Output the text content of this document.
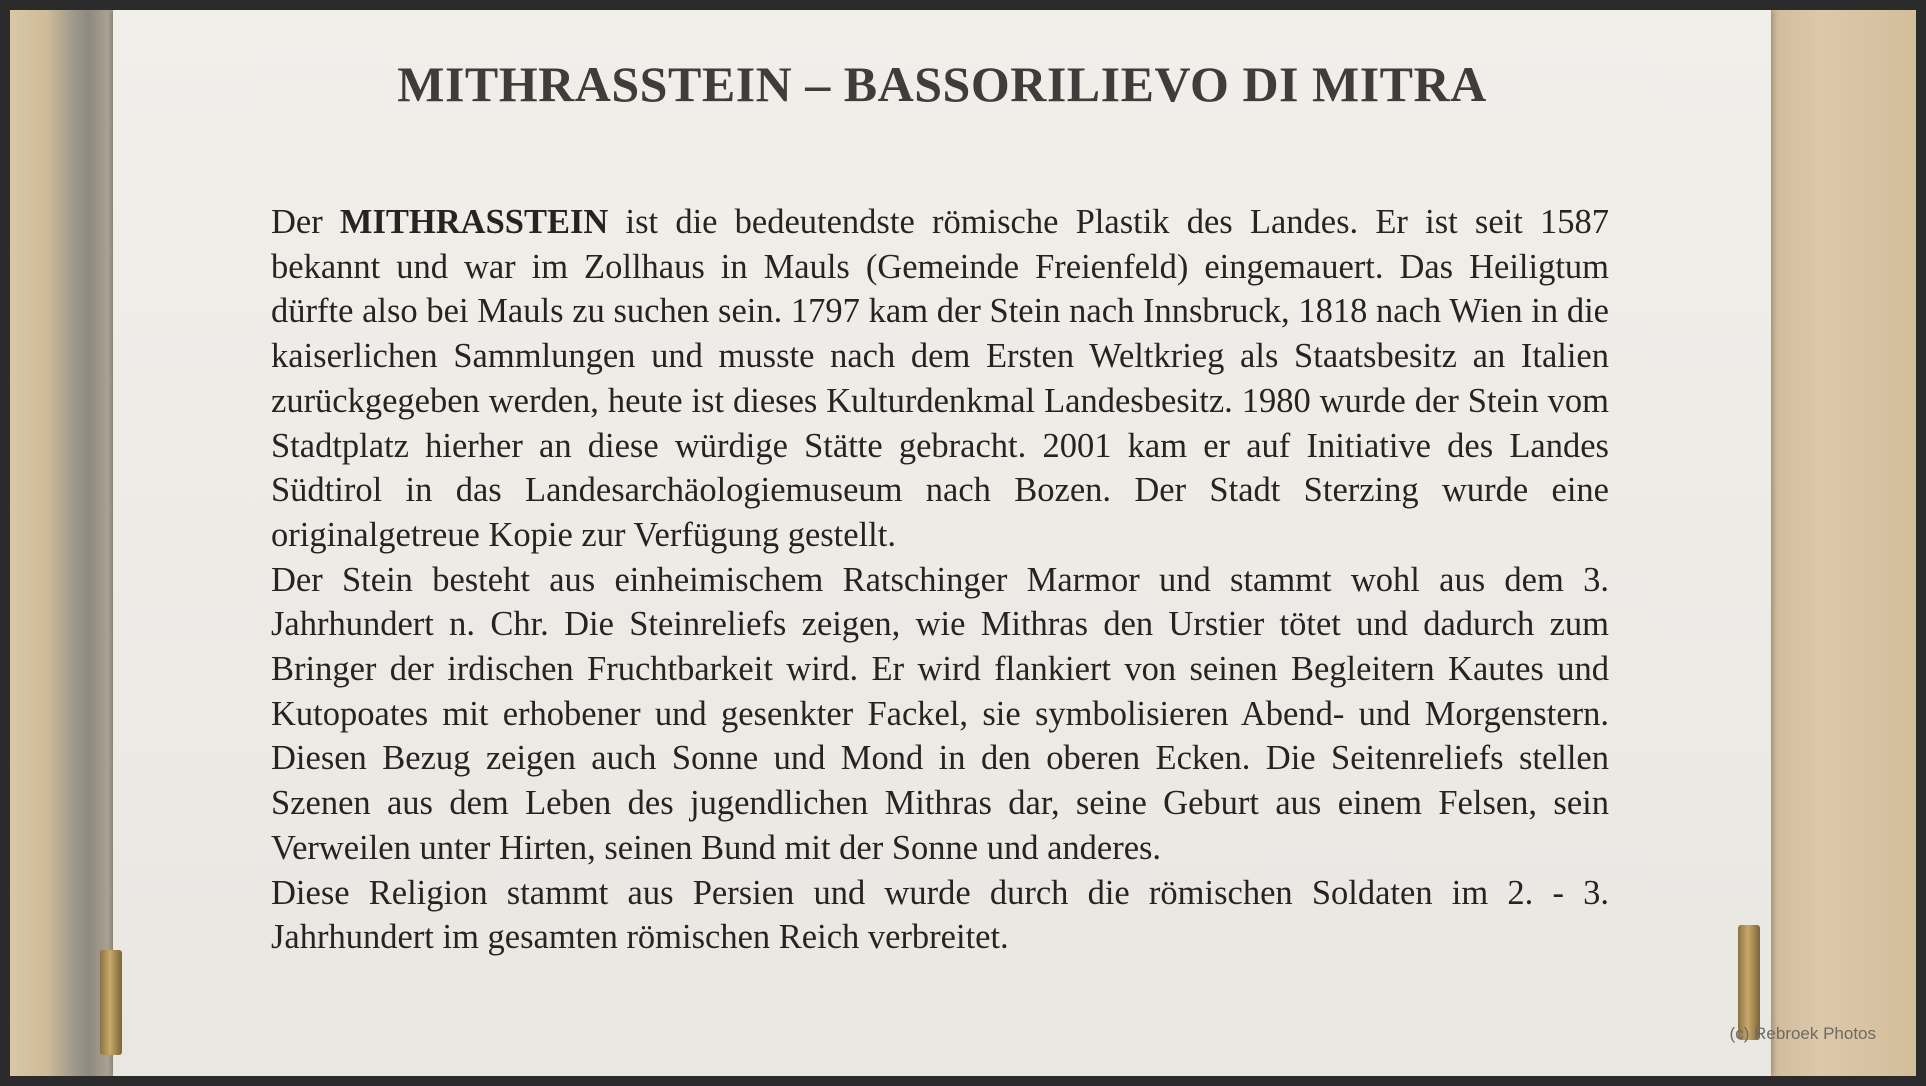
MITHRASSTEIN – BASSORILIEVO DI MITRA

Der MITHRASSTEIN ist die bedeutendste römische Plastik des Landes. Er ist seit 1587 bekannt und war im Zollhaus in Mauls (Gemeinde Freienfeld) eingemauert. Das Heiligtum dürfte also bei Mauls zu suchen sein. 1797 kam der Stein nach Innsbruck, 1818 nach Wien in die kaiserlichen Sammlungen und musste nach dem Ersten Weltkrieg als Staatsbesitz an Italien zurückgegeben werden, heute ist dieses Kulturdenkmal Landesbesitz. 1980 wurde der Stein vom Stadtplatz hierher an diese würdige Stätte gebracht. 2001 kam er auf Initiative des Landes Südtirol in das Landesarchäologiemuseum nach Bozen. Der Stadt Sterzing wurde eine originalgetreue Kopie zur Verfügung gestellt.

Der Stein besteht aus einheimischem Ratschinger Marmor und stammt wohl aus dem 3. Jahrhundert n. Chr. Die Steinreliefs zeigen, wie Mithras den Urstier tötet und dadurch zum Bringer der irdischen Fruchtbarkeit wird. Er wird flankiert von seinen Begleitern Kautes und Kutopoates mit erhobener und gesenkter Fackel, sie symbolisieren Abend- und Morgenstern. Diesen Bezug zeigen auch Sonne und Mond in den oberen Ecken. Die Seitenreliefs stellen Szenen aus dem Leben des jugendlichen Mithras dar, seine Geburt aus einem Felsen, sein Verweilen unter Hirten, seinen Bund mit der Sonne und anderes.

Diese Religion stammt aus Persien und wurde durch die römischen Soldaten im 2. - 3. Jahrhundert im gesamten römischen Reich verbreitet.

(c) Rebroek Photos
